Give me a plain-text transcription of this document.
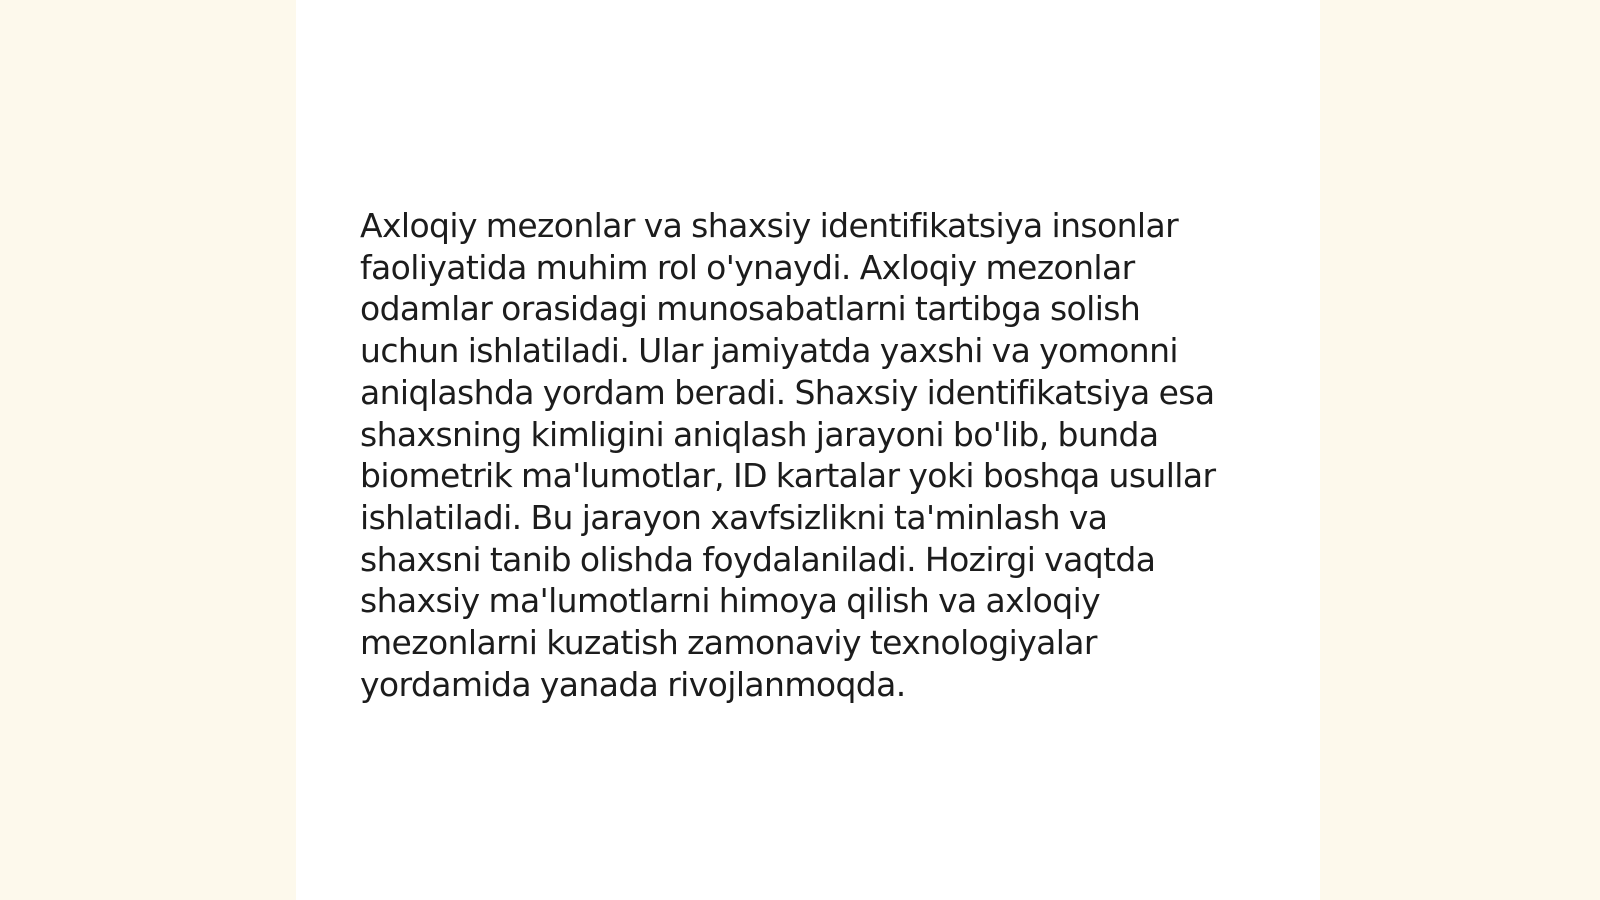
Axloqiy mezonlar va shaxsiy identifikatsiya insonlar
faoliyatida muhim rol o'ynaydi. Axloqiy mezonlar
odamlar orasidagi munosabatlarni tartibga solish
uchun ishlatiladi. Ular jamiyatda yaxshi va yomonni
aniqlashda yordam beradi. Shaxsiy identifikatsiya esa
shaxsning kimligini aniqlash jarayoni bo'lib, bunda
biometrik ma'lumotlar, ID kartalar yoki boshqa usullar
ishlatiladi. Bu jarayon xavfsizlikni ta'minlash va
shaxsni tanib olishda foydalaniladi. Hozirgi vaqtda
shaxsiy ma'lumotlarni himoya qilish va axloqiy
mezonlarni kuzatish zamonaviy texnologiyalar
yordamida yanada rivojlanmoqda.
